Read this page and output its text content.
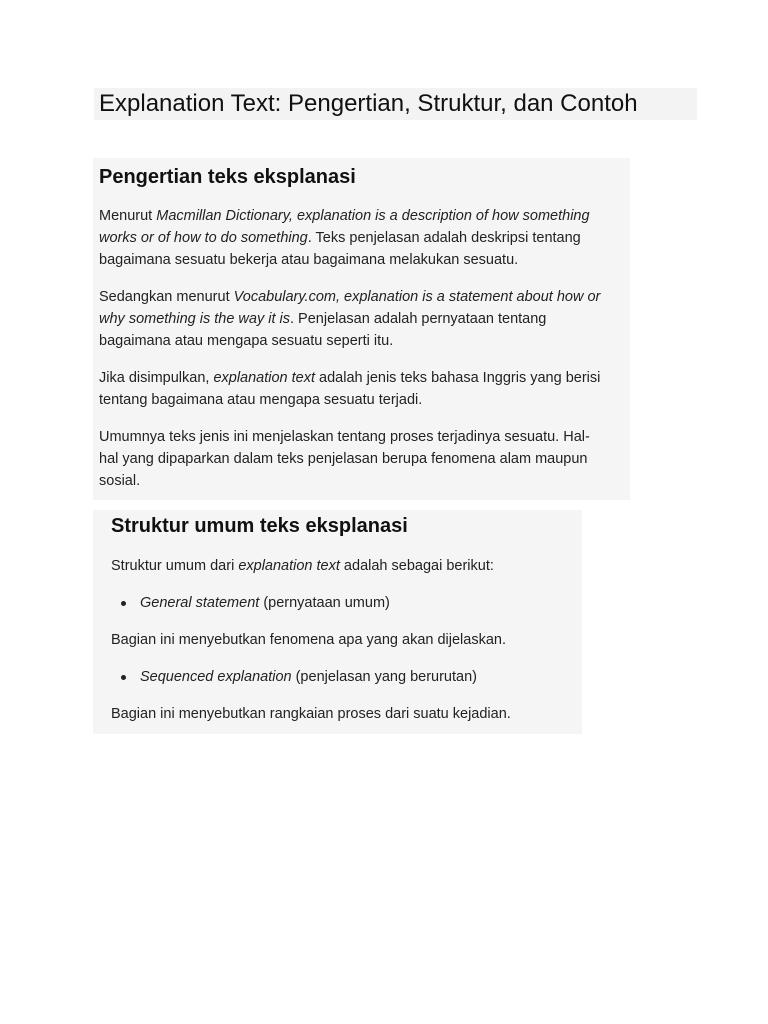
Explanation Text: Pengertian, Struktur, dan Contoh
Pengertian teks eksplanasi

Menurut Macmillan Dictionary, explanation is a description of how something

works or of how to do something. Teks penjelasan adalah deskripsi tentang

bagaimana sesuatu bekerja atau bagaimana melakukan sesuatu.

Sedangkan menurut Vocabulary.com, explanation is a statement about how or

why something is the way it is. Penjelasan adalah pernyataan tentang

bagaimana atau mengapa sesuatu seperti itu.

Jika disimpulkan, explanation text adalah jenis teks bahasa Inggris yang berisi

tentang bagaimana atau mengapa sesuatu terjadi.

Umumnya teks jenis ini menjelaskan tentang proses terjadinya sesuatu. Hal-

hal yang dipaparkan dalam teks penjelasan berupa fenomena alam maupun

sosial.

Struktur umum teks eksplanasi

Struktur umum dari explanation text adalah sebagai berikut:

General statement (pernyataan umum)

Bagian ini menyebutkan fenomena apa yang akan dijelaskan.

Sequenced explanation (penjelasan yang berurutan)

Bagian ini menyebutkan rangkaian proses dari suatu kejadian.
